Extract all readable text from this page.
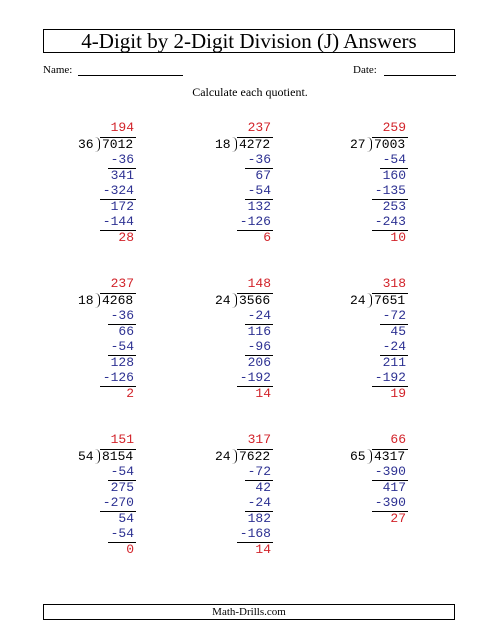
4-Digit by 2-Digit Division (J) Answers
Name:	Date:
Calculate each quotient.
194
36 7012
-36
341
-324
172
-144
28
237
18 4272
-36
67
-54
132
-126
6
259
27 7003
-54
160
-135
253
-243
10
237
18 4268
-36
66
-54
128
-126
2
148
24 3566
-24
116
-96
206
-192
14
318
24 7651
-72
45
-24
211
-192
19
151
54 8154
-54
275
-270
54
-54
0
317
24 7622
-72
42
-24
182
-168
14
66
65 4317
-390
417
-390
27
Math-Drills.com
